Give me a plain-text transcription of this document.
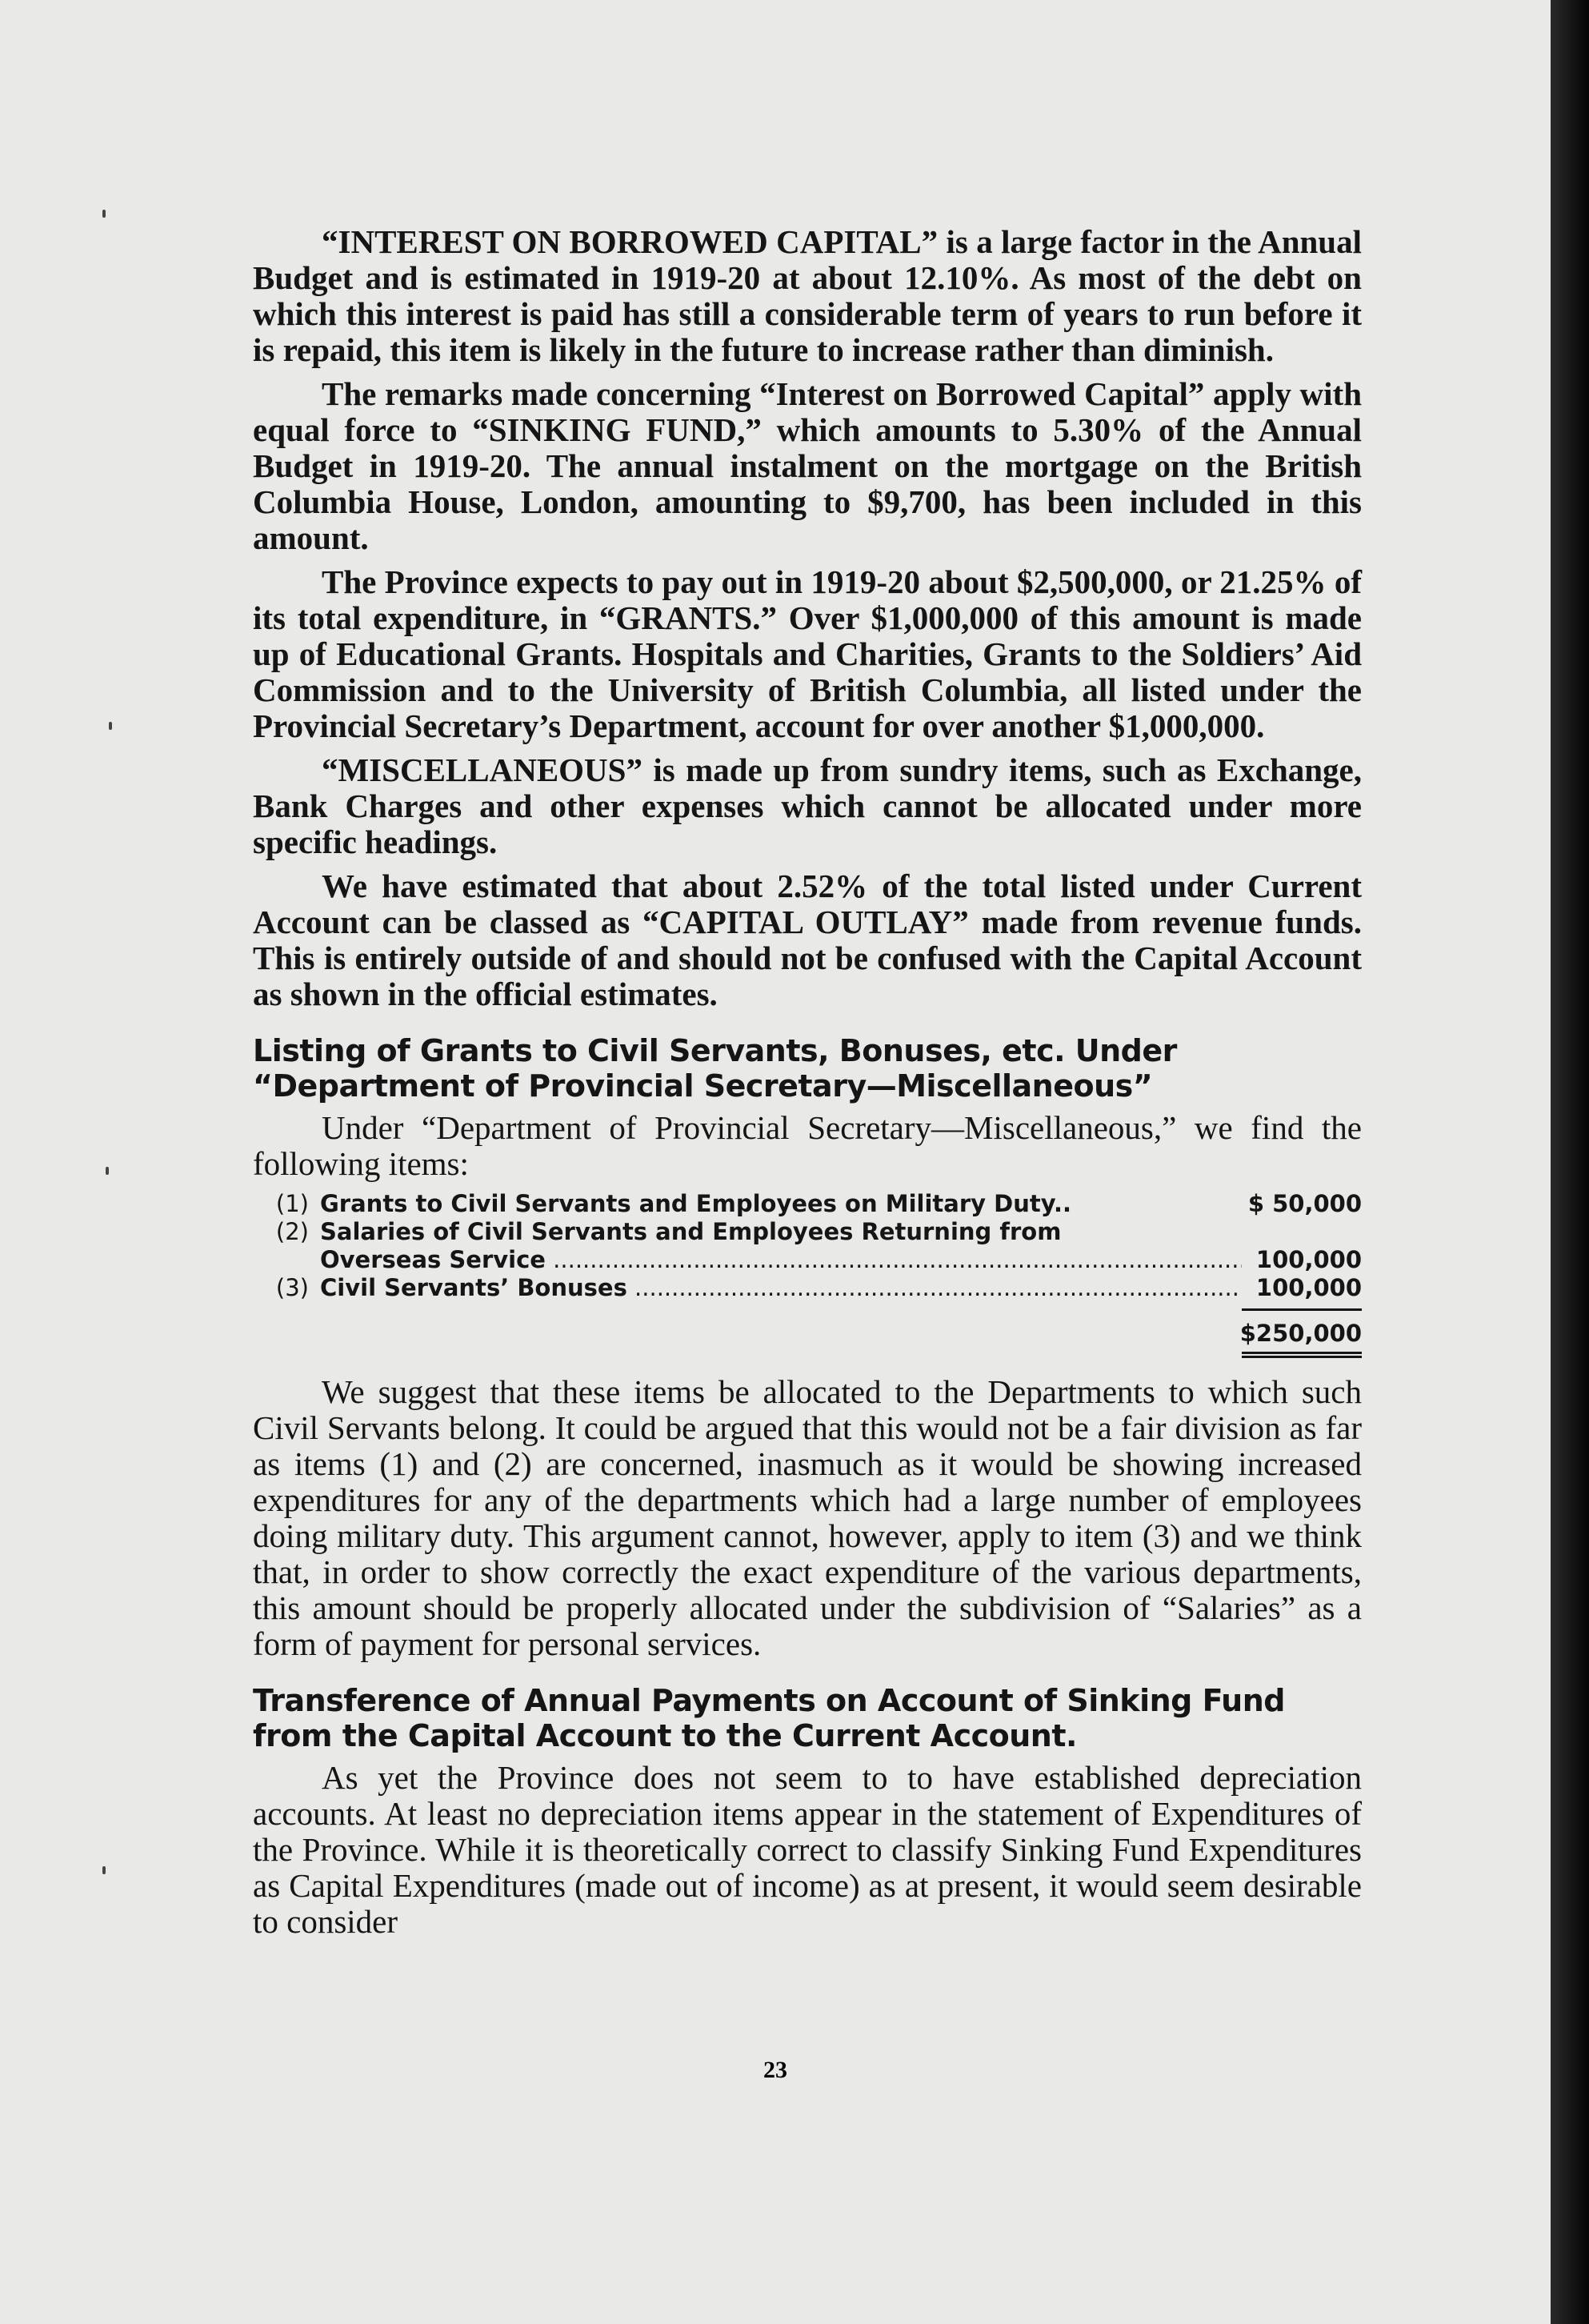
“INTEREST ON BORROWED CAPITAL” is a large factor in the Annual Budget and is estimated in 1919-20 at about 12.10%. As most of the debt on which this interest is paid has still a considerable term of years to run before it is repaid, this item is likely in the future to increase rather than diminish.

The remarks made concerning “Interest on Borrowed Capital” apply with equal force to “SINKING FUND,” which amounts to 5.30% of the Annual Budget in 1919-20. The annual instalment on the mortgage on the British Columbia House, London, amounting to $9,700, has been included in this amount.

The Province expects to pay out in 1919-20 about $2,500,000, or 21.25% of its total expenditure, in “GRANTS.” Over $1,000,000 of this amount is made up of Educational Grants. Hospitals and Charities, Grants to the Soldiers’ Aid Commission and to the University of British Columbia, all listed under the Provincial Secretary’s Department, account for over another $1,000,000.

“MISCELLANEOUS” is made up from sundry items, such as Exchange, Bank Charges and other expenses which cannot be allocated under more specific headings.

We have estimated that about 2.52% of the total listed under Current Account can be classed as “CAPITAL OUTLAY” made from revenue funds. This is entirely outside of and should not be confused with the Capital Account as shown in the official estimates.

Listing of Grants to Civil Servants, Bonuses, etc. Under “Department of Provincial Secretary—Miscellaneous”

Under “Department of Provincial Secretary—Miscellaneous,” we find the following items:

(1) Grants to Civil Servants and Employees on Military Duty..	$ 50,000
(2) Salaries of Civil Servants and Employees Returning from
Overseas Service .....	100,000
(3) Civil Servants’ Bonuses .....	100,000
$250,000

We suggest that these items be allocated to the Departments to which such Civil Servants belong. It could be argued that this would not be a fair division as far as items (1) and (2) are concerned, inasmuch as it would be showing increased expenditures for any of the departments which had a large number of employees doing military duty. This argument cannot, however, apply to item (3) and we think that, in order to show correctly the exact expenditure of the various departments, this amount should be properly allocated under the subdivision of “Salaries” as a form of payment for personal services.

Transference of Annual Payments on Account of Sinking Fund from the Capital Account to the Current Account.

As yet the Province does not seem to to have established depreciation accounts. At least no depreciation items appear in the statement of Expenditures of the Province. While it is theoretically correct to classify Sinking Fund Expenditures as Capital Expenditures (made out of income) as at present, it would seem desirable to consider

23
